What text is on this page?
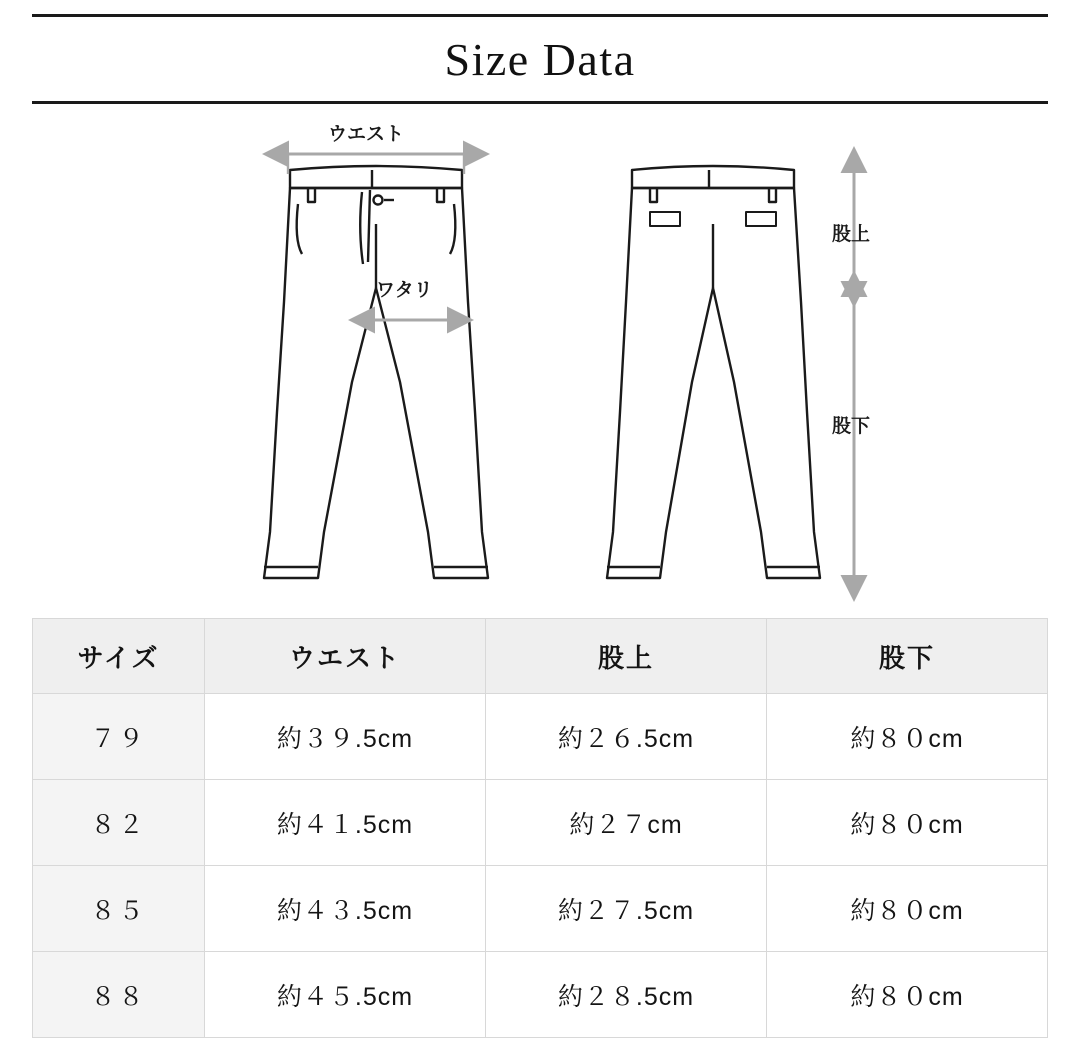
Size Data
ウエスト
ワタリ
股上
股下
サイズ	ウエスト	股上	股下
７９	約３９.5cm	約２６.5cm	約８０cm
８２	約４１.5cm	約２７cm	約８０cm
８５	約４３.5cm	約２７.5cm	約８０cm
８８	約４５.5cm	約２８.5cm	約８０cm
